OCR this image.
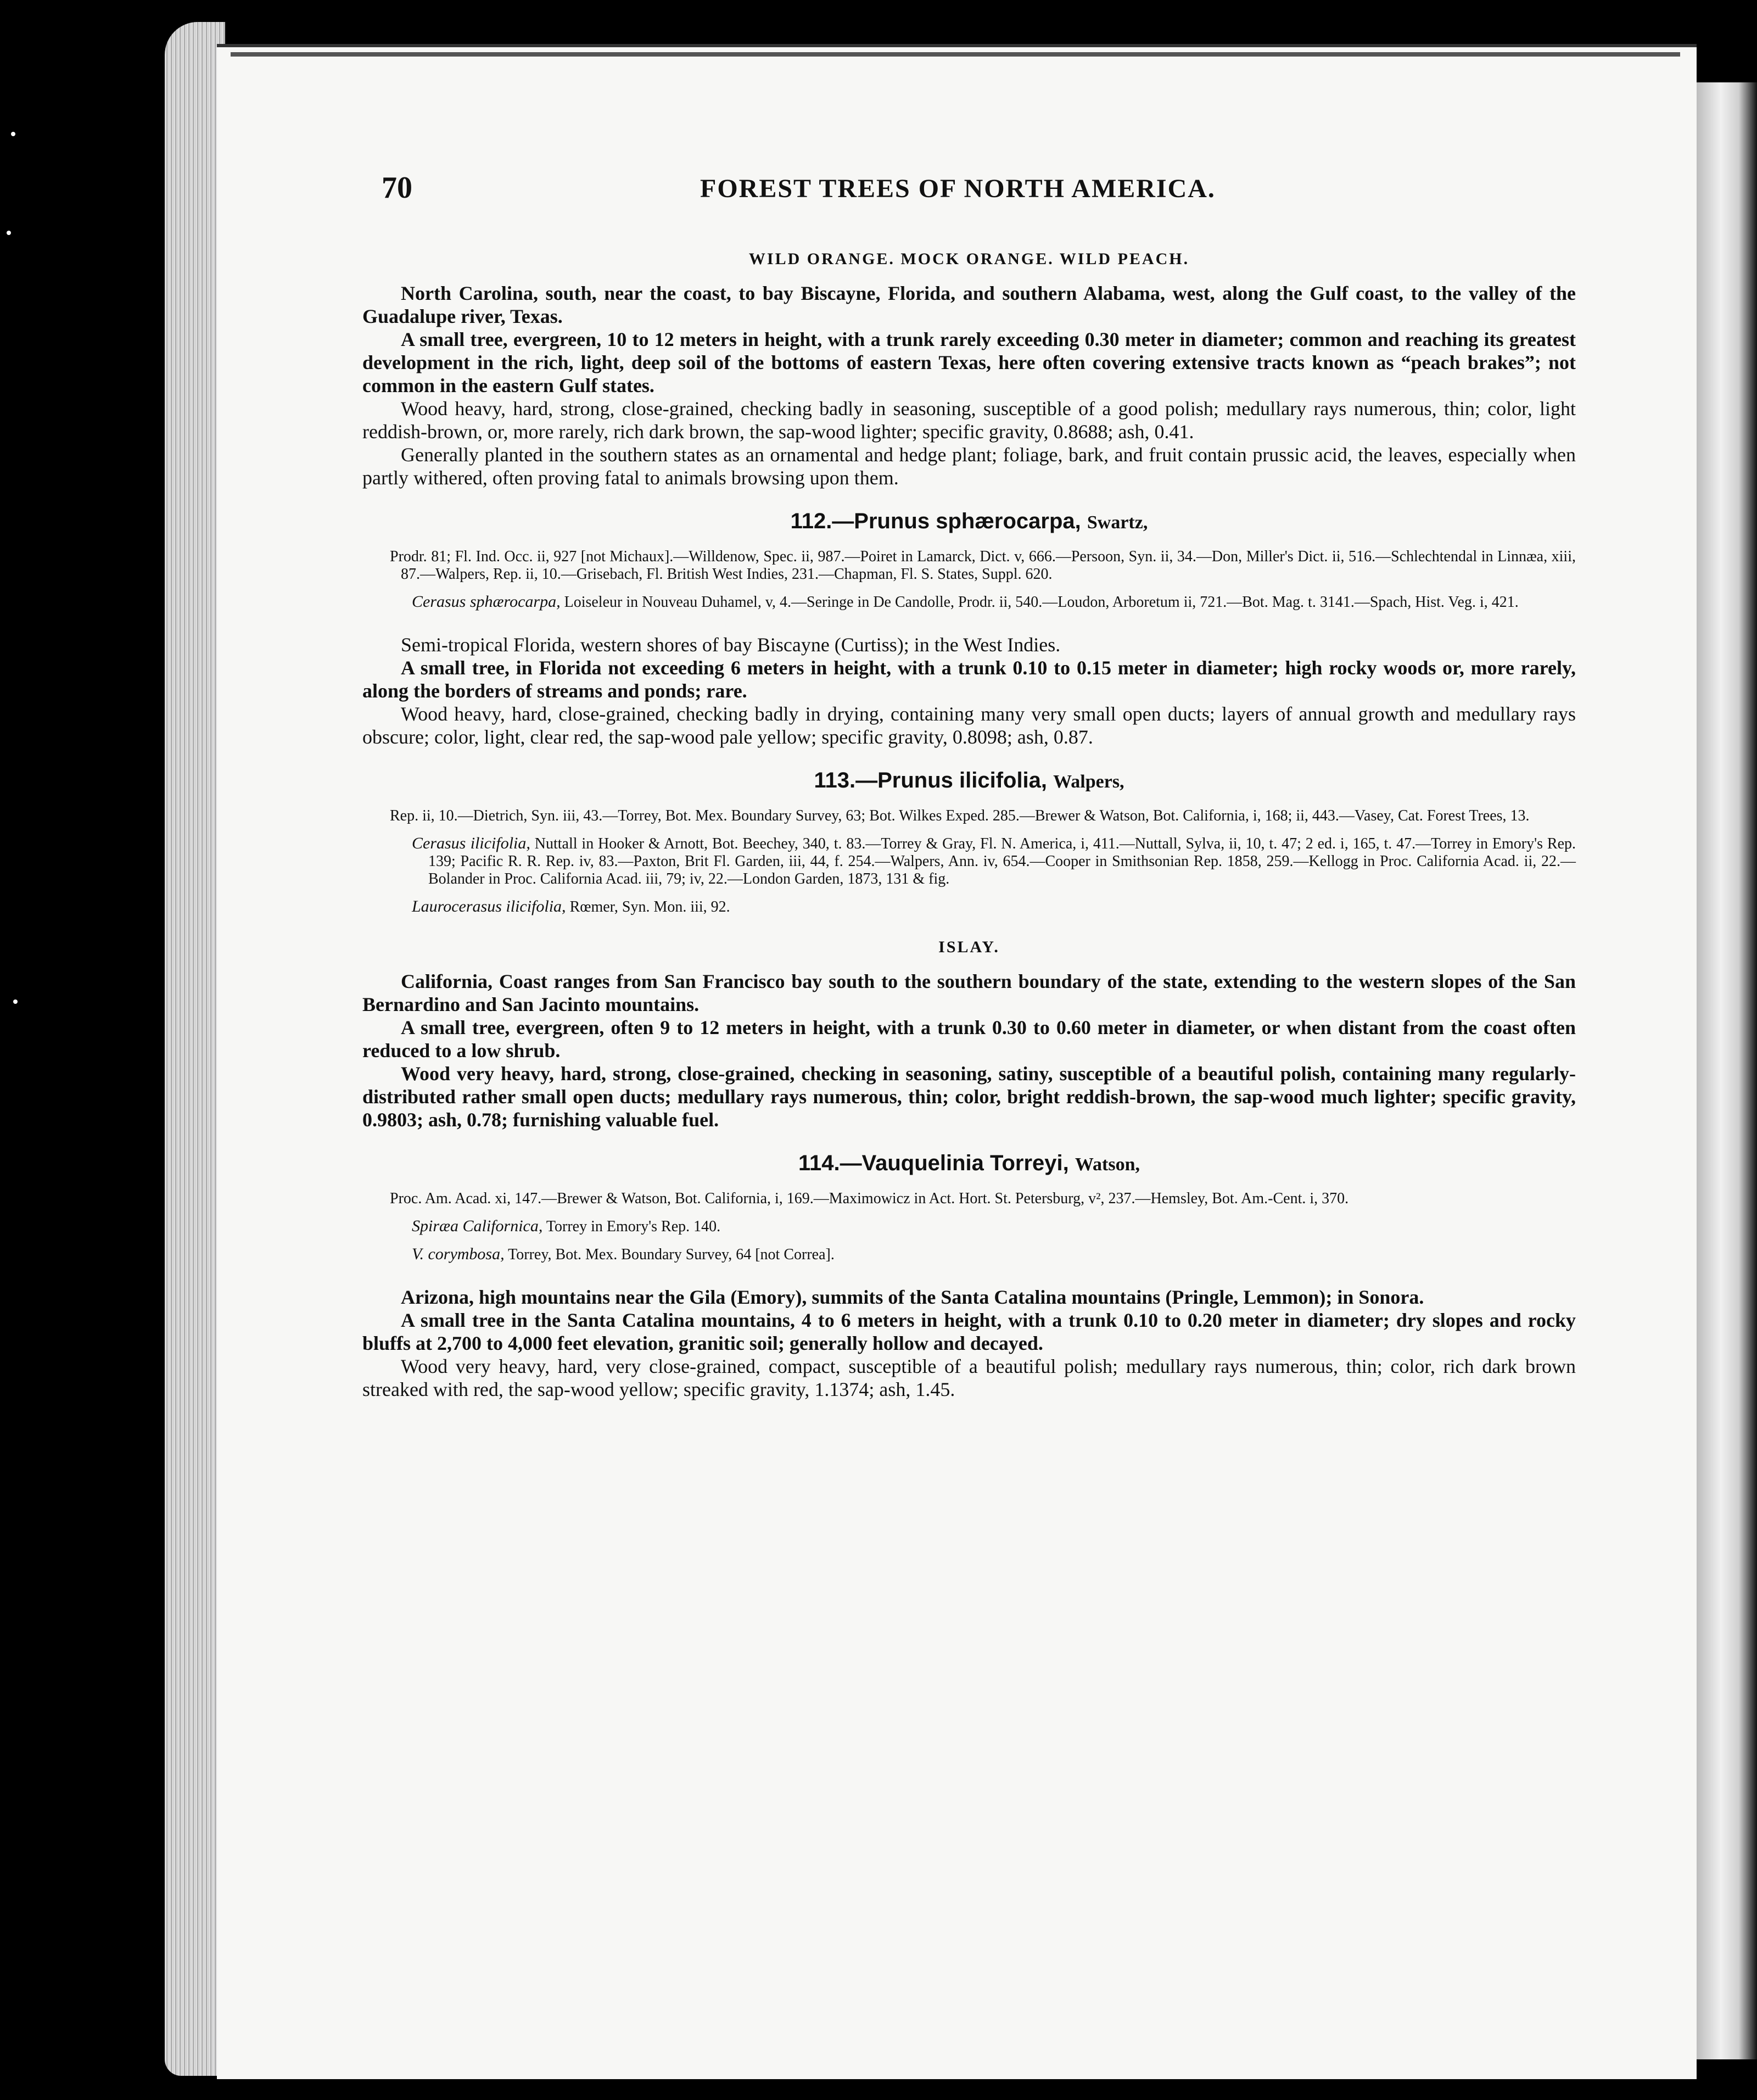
70	FOREST TREES OF NORTH AMERICA.
WILD ORANGE. MOCK ORANGE. WILD PEACH.

North Carolina, south, near the coast, to bay Biscayne, Florida, and southern Alabama, west, along the Gulf coast, to the valley of the Guadalupe river, Texas.

A small tree, evergreen, 10 to 12 meters in height, with a trunk rarely exceeding 0.30 meter in diameter; common and reaching its greatest development in the rich, light, deep soil of the bottoms of eastern Texas, here often covering extensive tracts known as “peach brakes”; not common in the eastern Gulf states.

Wood heavy, hard, strong, close-grained, checking badly in seasoning, susceptible of a good polish; medullary rays numerous, thin; color, light reddish-brown, or, more rarely, rich dark brown, the sap-wood lighter; specific gravity, 0.8688; ash, 0.41.

Generally planted in the southern states as an ornamental and hedge plant; foliage, bark, and fruit contain prussic acid, the leaves, especially when partly withered, often proving fatal to animals browsing upon them.

112.—Prunus sphærocarpa, Swartz,

Prodr. 81; Fl. Ind. Occ. ii, 927 [not Michaux].—Willdenow, Spec. ii, 987.—Poiret in Lamarck, Dict. v, 666.—Persoon, Syn. ii, 34.—Don, Miller's Dict. ii, 516.—Schlechtendal in Linnæa, xiii, 87.—Walpers, Rep. ii, 10.—Grisebach, Fl. British West Indies, 231.—Chapman, Fl. S. States, Suppl. 620.

Cerasus sphærocarpa, Loiseleur in Nouveau Duhamel, v, 4.—Seringe in De Candolle, Prodr. ii, 540.—Loudon, Arboretum ii, 721.—Bot. Mag. t. 3141.—Spach, Hist. Veg. i, 421.

Semi-tropical Florida, western shores of bay Biscayne (Curtiss); in the West Indies.

A small tree, in Florida not exceeding 6 meters in height, with a trunk 0.10 to 0.15 meter in diameter; high rocky woods or, more rarely, along the borders of streams and ponds; rare.

Wood heavy, hard, close-grained, checking badly in drying, containing many very small open ducts; layers of annual growth and medullary rays obscure; color, light, clear red, the sap-wood pale yellow; specific gravity, 0.8098; ash, 0.87.

113.—Prunus ilicifolia, Walpers,

Rep. ii, 10.—Dietrich, Syn. iii, 43.—Torrey, Bot. Mex. Boundary Survey, 63; Bot. Wilkes Exped. 285.—Brewer & Watson, Bot. California, i, 168; ii, 443.—Vasey, Cat. Forest Trees, 13.

Cerasus ilicifolia, Nuttall in Hooker & Arnott, Bot. Beechey, 340, t. 83.—Torrey & Gray, Fl. N. America, i, 411.—Nuttall, Sylva, ii, 10, t. 47; 2 ed. i, 165, t. 47.—Torrey in Emory's Rep. 139; Pacific R. R. Rep. iv, 83.—Paxton, Brit Fl. Garden, iii, 44, f. 254.—Walpers, Ann. iv, 654.—Cooper in Smithsonian Rep. 1858, 259.—Kellogg in Proc. California Acad. ii, 22.—Bolander in Proc. California Acad. iii, 79; iv, 22.—London Garden, 1873, 131 & fig.

Laurocerasus ilicifolia, Rœmer, Syn. Mon. iii, 92.

ISLAY.

California, Coast ranges from San Francisco bay south to the southern boundary of the state, extending to the western slopes of the San Bernardino and San Jacinto mountains.

A small tree, evergreen, often 9 to 12 meters in height, with a trunk 0.30 to 0.60 meter in diameter, or when distant from the coast often reduced to a low shrub.

Wood very heavy, hard, strong, close-grained, checking in seasoning, satiny, susceptible of a beautiful polish, containing many regularly-distributed rather small open ducts; medullary rays numerous, thin; color, bright reddish-brown, the sap-wood much lighter; specific gravity, 0.9803; ash, 0.78; furnishing valuable fuel.

114.—Vauquelinia Torreyi, Watson,

Proc. Am. Acad. xi, 147.—Brewer & Watson, Bot. California, i, 169.—Maximowicz in Act. Hort. St. Petersburg, v², 237.—Hemsley, Bot. Am.-Cent. i, 370.

Spiræa Californica, Torrey in Emory's Rep. 140.

V. corymbosa, Torrey, Bot. Mex. Boundary Survey, 64 [not Correa].

Arizona, high mountains near the Gila (Emory), summits of the Santa Catalina mountains (Pringle, Lemmon); in Sonora.

A small tree in the Santa Catalina mountains, 4 to 6 meters in height, with a trunk 0.10 to 0.20 meter in diameter; dry slopes and rocky bluffs at 2,700 to 4,000 feet elevation, granitic soil; generally hollow and decayed.

Wood very heavy, hard, very close-grained, compact, susceptible of a beautiful polish; medullary rays numerous, thin; color, rich dark brown streaked with red, the sap-wood yellow; specific gravity, 1.1374; ash, 1.45.
